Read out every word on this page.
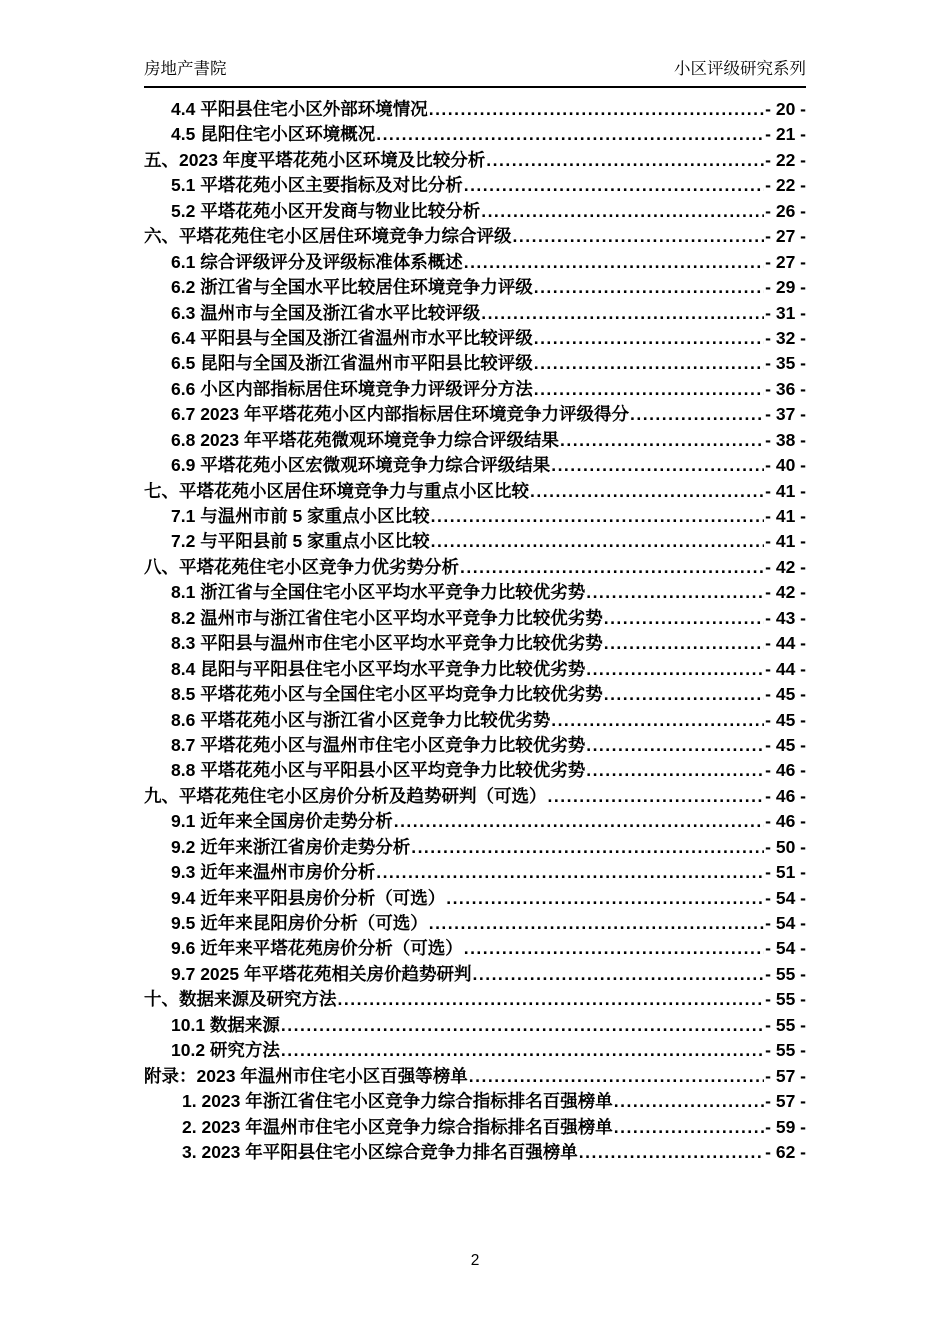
房地产書院	小区评级研究系列
4.4 平阳县住宅小区外部环境情况 .....	- 20 -
4.5 昆阳住宅小区环境概况 .....	- 21 -
五、2023 年度平塔花苑小区环境及比较分析 .....	- 22 -
5.1 平塔花苑小区主要指标及对比分析 .....	- 22 -
5.2 平塔花苑小区开发商与物业比较分析 .....	- 26 -
六、平塔花苑住宅小区居住环境竞争力综合评级 .....	- 27 -
6.1 综合评级评分及评级标准体系概述 .....	- 27 -
6.2 浙江省与全国水平比较居住环境竞争力评级 .....	- 29 -
6.3 温州市与全国及浙江省水平比较评级 .....	- 31 -
6.4 平阳县与全国及浙江省温州市水平比较评级 .....	- 32 -
6.5 昆阳与全国及浙江省温州市平阳县比较评级 .....	- 35 -
6.6 小区内部指标居住环境竞争力评级评分方法 .....	- 36 -
6.7 2023 年平塔花苑小区内部指标居住环境竞争力评级得分 .....	- 37 -
6.8 2023 年平塔花苑微观环境竞争力综合评级结果 .....	- 38 -
6.9 平塔花苑小区宏微观环境竞争力综合评级结果 .....	- 40 -
七、平塔花苑小区居住环境竞争力与重点小区比较 .....	- 41 -
7.1 与温州市前 5 家重点小区比较 .....	- 41 -
7.2 与平阳县前 5 家重点小区比较 .....	- 41 -
八、平塔花苑住宅小区竞争力优劣势分析 .....	- 42 -
8.1 浙江省与全国住宅小区平均水平竞争力比较优劣势 .....	- 42 -
8.2 温州市与浙江省住宅小区平均水平竞争力比较优劣势 .....	- 43 -
8.3 平阳县与温州市住宅小区平均水平竞争力比较优劣势 .....	- 44 -
8.4 昆阳与平阳县住宅小区平均水平竞争力比较优劣势 .....	- 44 -
8.5 平塔花苑小区与全国住宅小区平均竞争力比较优劣势 .....	- 45 -
8.6 平塔花苑小区与浙江省小区竞争力比较优劣势 .....	- 45 -
8.7 平塔花苑小区与温州市住宅小区竞争力比较优劣势 .....	- 45 -
8.8 平塔花苑小区与平阳县小区平均竞争力比较优劣势 .....	- 46 -
九、平塔花苑住宅小区房价分析及趋势研判（可选） .....	- 46 -
9.1 近年来全国房价走势分析 .....	- 46 -
9.2 近年来浙江省房价走势分析 .....	- 50 -
9.3 近年来温州市房价分析 .....	- 51 -
9.4 近年来平阳县房价分析（可选） .....	- 54 -
9.5 近年来昆阳房价分析（可选） .....	- 54 -
9.6 近年来平塔花苑房价分析（可选） .....	- 54 -
9.7 2025 年平塔花苑相关房价趋势研判 .....	- 55 -
十、数据来源及研究方法 .....	- 55 -
10.1 数据来源 .....	- 55 -
10.2 研究方法 .....	- 55 -
附录：2023 年温州市住宅小区百强等榜单 .....	- 57 -
1. 2023 年浙江省住宅小区竞争力综合指标排名百强榜单 .....	- 57 -
2. 2023 年温州市住宅小区竞争力综合指标排名百强榜单 .....	- 59 -
3. 2023 年平阳县住宅小区综合竞争力排名百强榜单 .....	- 62 -
2
